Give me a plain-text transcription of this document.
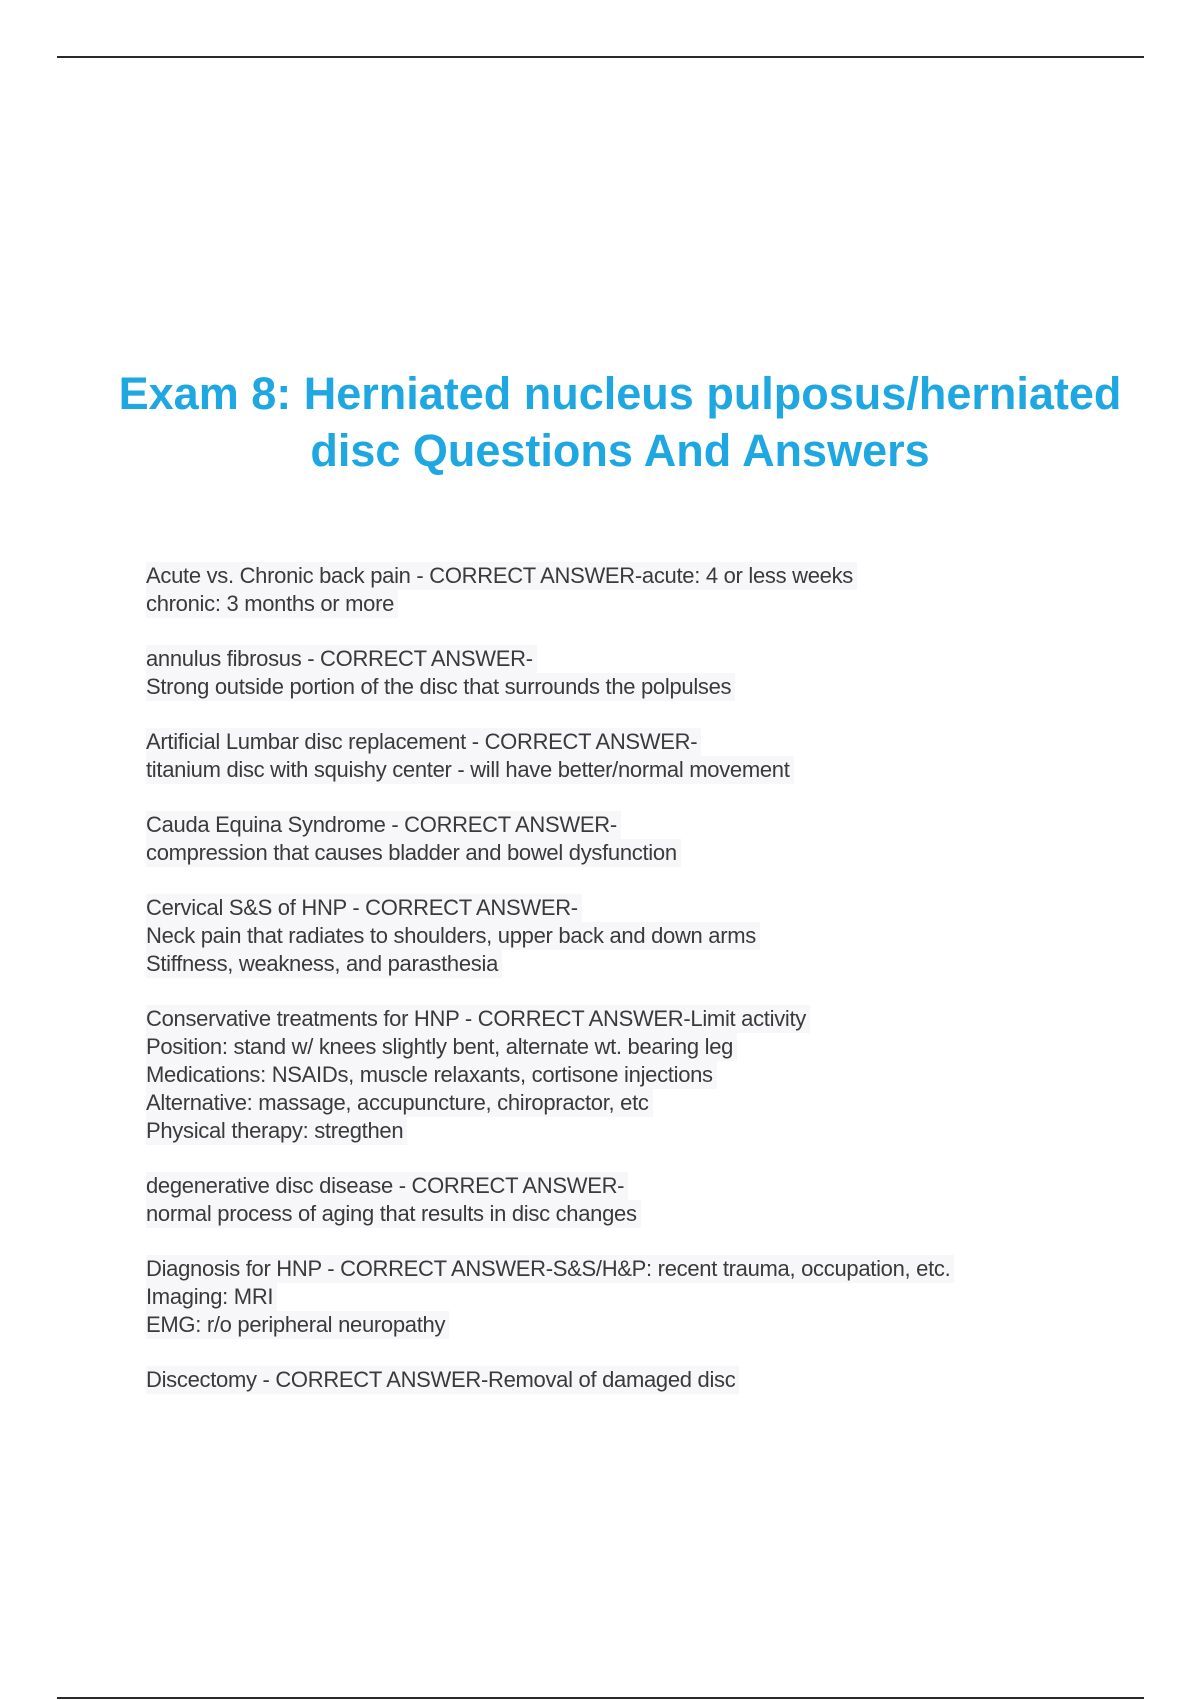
Exam 8: Herniated nucleus pulposus/herniated disc Questions And Answers
Acute vs. Chronic back pain - CORRECT ANSWER-acute: 4 or less weeks
chronic: 3 months or more
annulus fibrosus - CORRECT ANSWER-
Strong outside portion of the disc that surrounds the polpulses
Artificial Lumbar disc replacement - CORRECT ANSWER-
titanium disc with squishy center - will have better/normal movement
Cauda Equina Syndrome - CORRECT ANSWER-
compression that causes bladder and bowel dysfunction
Cervical S&S of HNP - CORRECT ANSWER-
Neck pain that radiates to shoulders, upper back and down arms
Stiffness, weakness, and parasthesia
Conservative treatments for HNP - CORRECT ANSWER-Limit activity
Position: stand w/ knees slightly bent, alternate wt. bearing leg
Medications: NSAIDs, muscle relaxants, cortisone injections
Alternative: massage, accupuncture, chiropractor, etc
Physical therapy: stregthen
degenerative disc disease - CORRECT ANSWER-
normal process of aging that results in disc changes
Diagnosis for HNP - CORRECT ANSWER-S&S/H&P: recent trauma, occupation, etc.
Imaging: MRI
EMG: r/o peripheral neuropathy
Discectomy - CORRECT ANSWER-Removal of damaged disc
